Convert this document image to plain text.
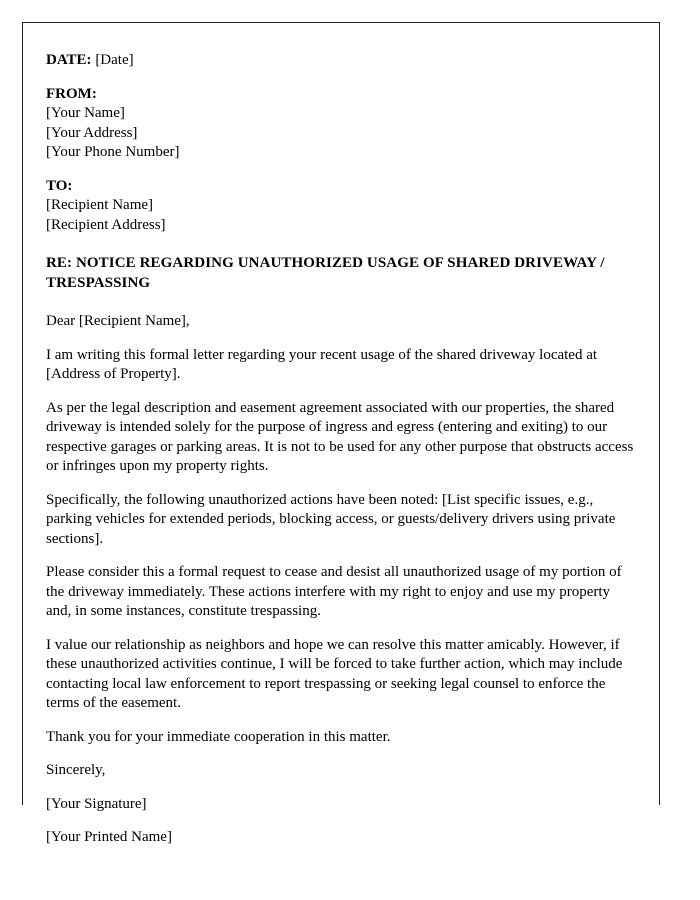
DATE: [Date]
FROM:
[Your Name]
[Your Address]
[Your Phone Number]
TO:
[Recipient Name]
[Recipient Address]
RE: NOTICE REGARDING UNAUTHORIZED USAGE OF SHARED DRIVEWAY / TRESPASSING

Dear [Recipient Name],

I am writing this formal letter regarding your recent usage of the shared driveway located at [Address of Property].

As per the legal description and easement agreement associated with our properties, the shared driveway is intended solely for the purpose of ingress and egress (entering and exiting) to our respective garages or parking areas. It is not to be used for any other purpose that obstructs access or infringes upon my property rights.

Specifically, the following unauthorized actions have been noted: [List specific issues, e.g., parking vehicles for extended periods, blocking access, or guests/delivery drivers using private sections].

Please consider this a formal request to cease and desist all unauthorized usage of my portion of the driveway immediately. These actions interfere with my right to enjoy and use my property and, in some instances, constitute trespassing.

I value our relationship as neighbors and hope we can resolve this matter amicably. However, if these unauthorized activities continue, I will be forced to take further action, which may include contacting local law enforcement to report trespassing or seeking legal counsel to enforce the terms of the easement.

Thank you for your immediate cooperation in this matter.

Sincerely,

[Your Signature]

[Your Printed Name]
